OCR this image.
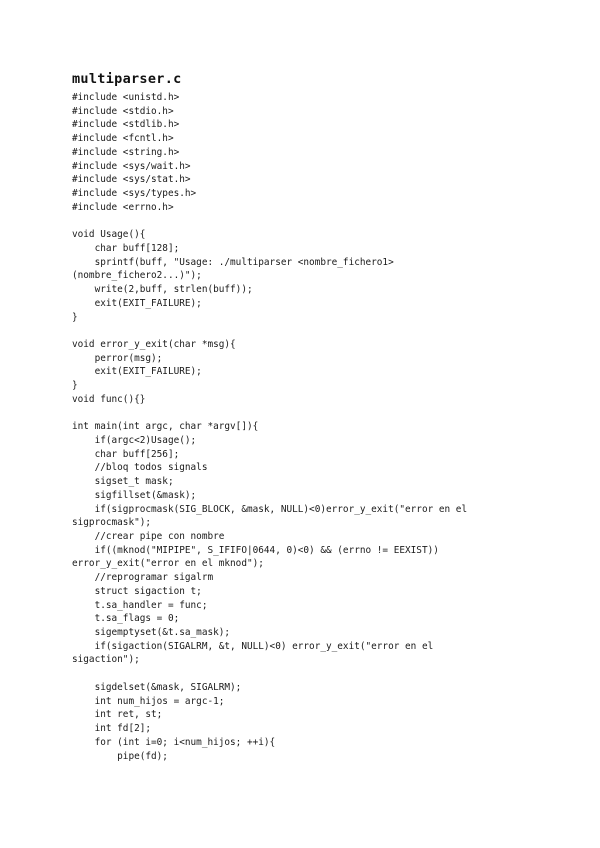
multiparser.c
#include <unistd.h>
#include <stdio.h>
#include <stdlib.h>
#include <fcntl.h>
#include <string.h>
#include <sys/wait.h>
#include <sys/stat.h>
#include <sys/types.h>
#include <errno.h>

void Usage(){
char buff[128];
sprintf(buff, "Usage: ./multiparser <nombre_fichero1>
(nombre_fichero2...)");
write(2,buff, strlen(buff));
exit(EXIT_FAILURE);
}

void error_y_exit(char *msg){
perror(msg);
exit(EXIT_FAILURE);
}
void func(){}

int main(int argc, char *argv[]){
if(argc<2)Usage();
char buff[256];
//bloq todos signals
sigset_t mask;
sigfillset(&mask);
if(sigprocmask(SIG_BLOCK, &mask, NULL)<0)error_y_exit("error en el
sigprocmask");
//crear pipe con nombre
if((mknod("MIPIPE", S_IFIFO|0644, 0)<0) && (errno != EEXIST))
error_y_exit("error en el mknod");
//reprogramar sigalrm
struct sigaction t;
t.sa_handler = func;
t.sa_flags = 0;
sigemptyset(&t.sa_mask);
if(sigaction(SIGALRM, &t, NULL)<0) error_y_exit("error en el
sigaction");

sigdelset(&mask, SIGALRM);
int num_hijos = argc-1;
int ret, st;
int fd[2];
for (int i=0; i<num_hijos; ++i){
pipe(fd);
